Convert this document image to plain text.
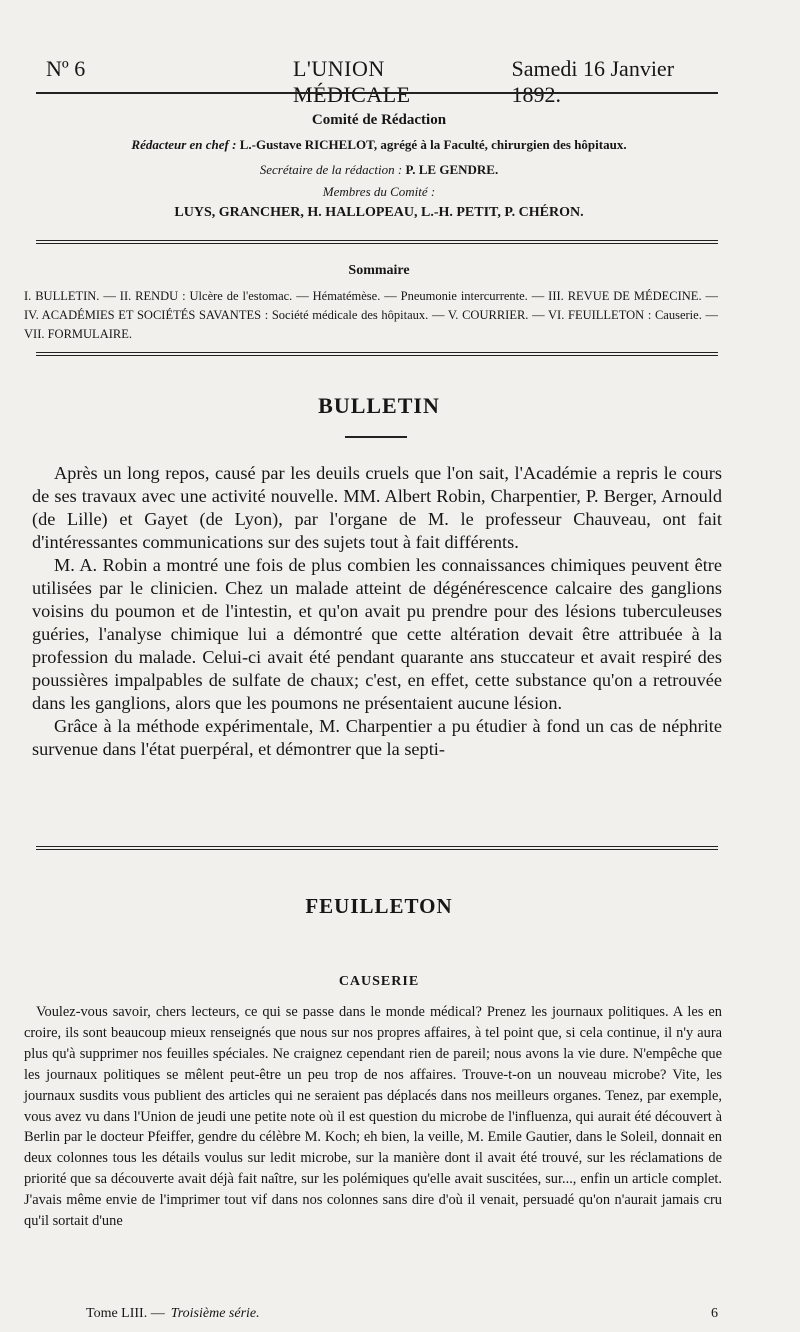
Nº 6	L'UNION MÉDICALE
Samedi 16 Janvier 1892.
Comité de Rédaction
Rédacteur en chef : L.-Gustave RICHELOT, agrégé à la Faculté, chirurgien des hôpitaux.
Secrétaire de la rédaction : P. LE GENDRE.
Membres du Comité :
LUYS, GRANCHER, H. HALLOPEAU, L.-H. PETIT, P. CHÉRON.
Sommaire
I. BULLETIN. — II. RENDU : Ulcère de l'estomac. — Hématémèse. — Pneumonie intercurrente. — III. REVUE DE MÉDECINE. — IV. ACADÉMIES ET SOCIÉTÉS SAVANTES : Société médicale des hôpitaux. — V. COURRIER. — VI. FEUILLETON : Causerie. — VII. FORMULAIRE.
BULLETIN

Après un long repos, causé par les deuils cruels que l'on sait, l'Académie a repris le cours de ses travaux avec une activité nouvelle. MM. Albert Robin, Charpentier, P. Berger, Arnould (de Lille) et Gayet (de Lyon), par l'organe de M. le professeur Chauveau, ont fait d'intéressantes communications sur des sujets tout à fait différents.

M. A. Robin a montré une fois de plus combien les connaissances chimiques peuvent être utilisées par le clinicien. Chez un malade atteint de dégénérescence calcaire des ganglions voisins du poumon et de l'intestin, et qu'on avait pu prendre pour des lésions tuberculeuses guéries, l'analyse chimique lui a démontré que cette altération devait être attribuée à la profession du malade. Celui-ci avait été pendant quarante ans stuccateur et avait respiré des poussières impalpables de sulfate de chaux; c'est, en effet, cette substance qu'on a retrouvée dans les ganglions, alors que les poumons ne présentaient aucune lésion.

Grâce à la méthode expérimentale, M. Charpentier a pu étudier à fond un cas de néphrite survenue dans l'état puerpéral, et démontrer que la septi-

FEUILLETON
CAUSERIE

Voulez-vous savoir, chers lecteurs, ce qui se passe dans le monde médical? Prenez les journaux politiques. A les en croire, ils sont beaucoup mieux renseignés que nous sur nos propres affaires, à tel point que, si cela continue, il n'y aura plus qu'à supprimer nos feuilles spéciales. Ne craignez cependant rien de pareil; nous avons la vie dure. N'empêche que les journaux politiques se mêlent peut-être un peu trop de nos affaires. Trouve-t-on un nouveau microbe? Vite, les journaux susdits vous publient des articles qui ne seraient pas déplacés dans nos meilleurs organes. Tenez, par exemple, vous avez vu dans l'Union de jeudi une petite note où il est question du microbe de l'influenza, qui aurait été découvert à Berlin par le docteur Pfeiffer, gendre du célèbre M. Koch; eh bien, la veille, M. Emile Gautier, dans le Soleil, donnait en deux colonnes tous les détails voulus sur ledit microbe, sur la manière dont il avait été trouvé, sur les réclamations de priorité que sa découverte avait déjà fait naître, sur les polémiques qu'elle avait suscitées, sur..., enfin un article complet. J'avais même envie de l'imprimer tout vif dans nos colonnes sans dire d'où il venait, persuadé qu'on n'aurait jamais cru qu'il sortait d'une

Tome LIII. — Troisième série.	6
